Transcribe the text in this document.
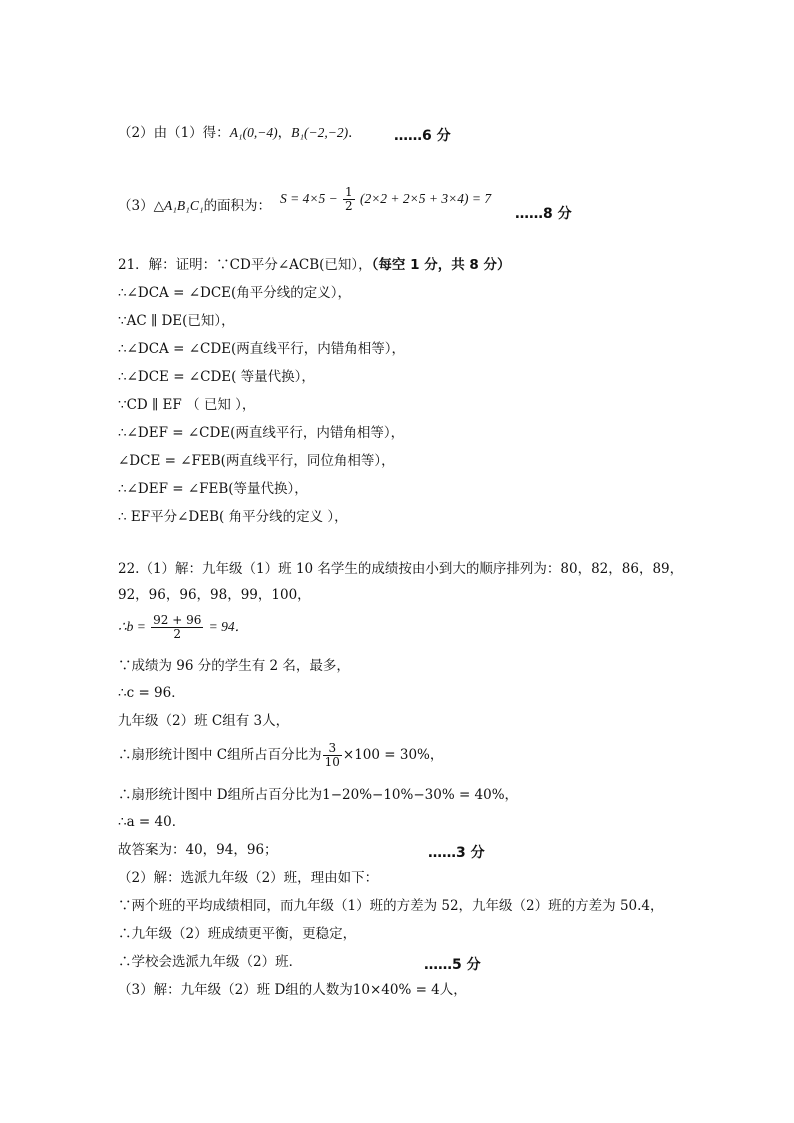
（2）由（1）得：A₁(0,−4)，B₁(−2,−2)． ……6 分
（3）△A₁B₁C₁的面积为： $S = 4\times 5 - \frac{1}{2} (2\times 2 + 2\times 5 + 3\times 4) = 7$
……8 分
21．解：证明：∵CD平分∠ACB(已知），（每空 1 分，共 8 分）
∴∠DCA = ∠DCE(角平分线的定义），
∵AC ∥ DE(已知），
∴∠DCA = ∠CDE(两直线平行，内错角相等），
∴∠DCE = ∠CDE( 等量代换），
∵CD ∥ EF （ 已知 ），
∴∠DEF = ∠CDE(两直线平行，内错角相等），
∠DCE = ∠FEB(两直线平行，同位角相等），
∴∠DEF = ∠FEB(等量代换），
∴ EF平分∠DEB( 角平分线的定义 ），
22.（1）解：九年级（1）班 10 名学生的成绩按由小到大的顺序排列为：80，82，86，89，
92，96，96，98，99，100，
∴b = $\frac{92 + 96}{2} = 94$．
∵成绩为 96 分的学生有 2 名，最多，
∴c = 96．
九年级（2）班 C组有 3人，
∴扇形统计图中 C组所占百分比为 $\frac{3}{10} \times 100 = 30\%$，
∴扇形统计图中 D组所占百分比为1−20%−10%−30% = 40%，
∴a = 40．
故答案为：40，94，96；	……3 分
（2）解：选派九年级（2）班，理由如下：
∵两个班的平均成绩相同，而九年级（1）班的方差为 52，九年级（2）班的方差为 50.4，
∴九年级（2）班成绩更平衡，更稳定，
∴学校会选派九年级（2）班．	……5 分
（3）解：九年级（2）班 D组的人数为10×40% = 4人，
